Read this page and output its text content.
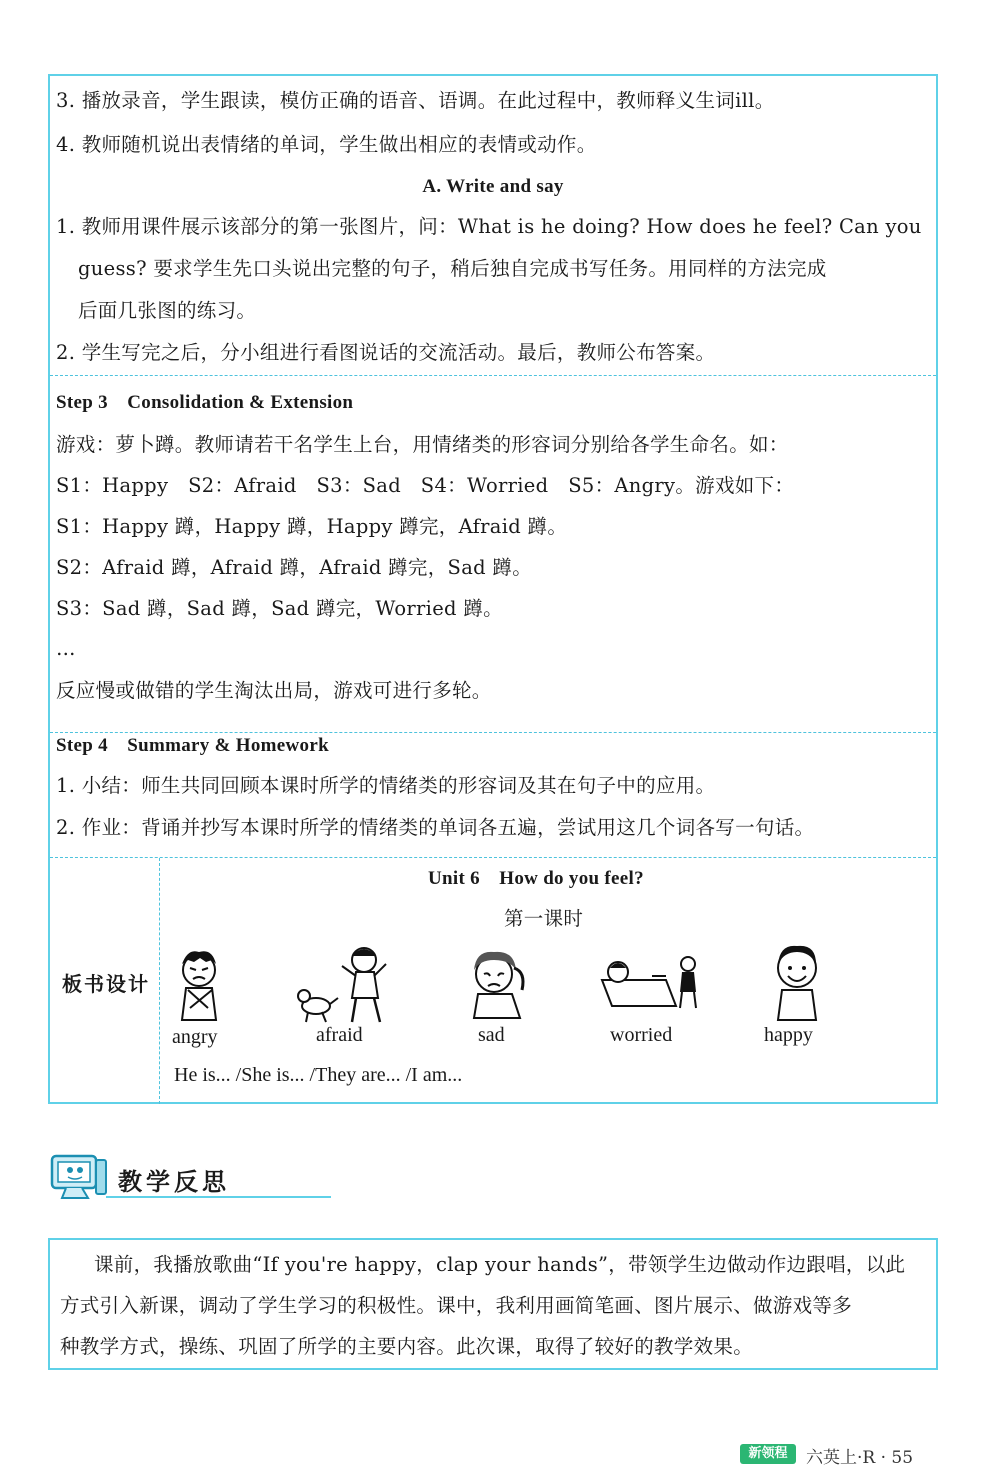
3. 播放录音，学生跟读，模仿正确的语音、语调。在此过程中，教师释义生词ill。
4. 教师随机说出表情绪的单词，学生做出相应的表情或动作。
A. Write and say
1. 教师用课件展示该部分的第一张图片，问：What is he doing? How does he feel? Can you
guess? 要求学生先口头说出完整的句子，稍后独自完成书写任务。用同样的方法完成
后面几张图的练习。
2. 学生写完之后，分小组进行看图说话的交流活动。最后，教师公布答案。
Step 3　Consolidation & Extension
游戏：萝卜蹲。教师请若干名学生上台，用情绪类的形容词分别给各学生命名。如：
S1：Happy　S2：Afraid　S3：Sad　S4：Worried　S5：Angry。游戏如下：
S1：Happy 蹲，Happy 蹲，Happy 蹲完，Afraid 蹲。
S2：Afraid 蹲，Afraid 蹲，Afraid 蹲完，Sad 蹲。
S3：Sad 蹲，Sad 蹲，Sad 蹲完，Worried 蹲。
…
反应慢或做错的学生淘汰出局，游戏可进行多轮。
Step 4　Summary & Homework
1. 小结：师生共同回顾本课时所学的情绪类的形容词及其在句子中的应用。
2. 作业：背诵并抄写本课时所学的情绪类的单词各五遍，尝试用这几个词各写一句话。
板书设计
Unit 6　How do you feel?
第一课时
angry	afraid	sad	worried	happy
He is... /She is... /They are... /I am...
教学反思
课前，我播放歌曲“If you're happy，clap your hands”，带领学生边做动作边跟唱，以此
方式引入新课，调动了学生学习的积极性。课中，我利用画简笔画、图片展示、做游戏等多
种教学方式，操练、巩固了所学的主要内容。此次课，取得了较好的教学效果。
新领程	六英上·R · 55
